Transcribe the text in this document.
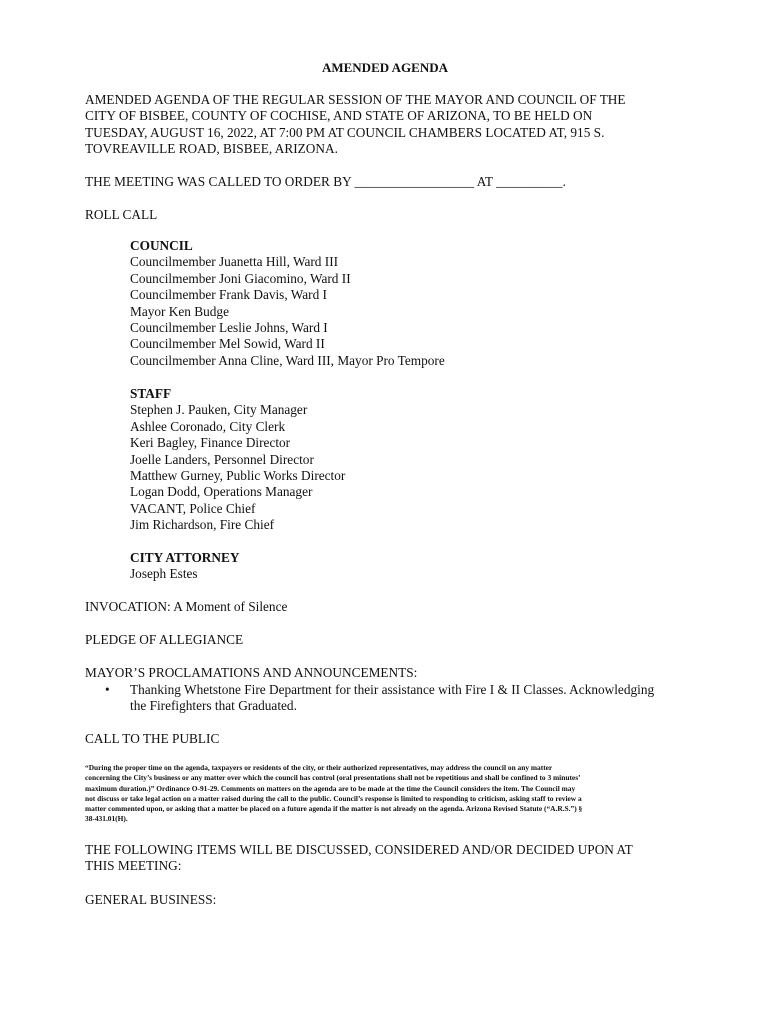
AMENDED AGENDA
AMENDED AGENDA OF THE REGULAR SESSION OF THE MAYOR AND COUNCIL OF THE
CITY OF BISBEE, COUNTY OF COCHISE, AND STATE OF ARIZONA, TO BE HELD ON
TUESDAY, AUGUST 16, 2022, AT 7:00 PM AT COUNCIL CHAMBERS LOCATED AT, 915 S.
TOVREAVILLE ROAD, BISBEE, ARIZONA.
THE MEETING WAS CALLED TO ORDER BY __________________ AT __________.
ROLL CALL
COUNCIL
Councilmember Juanetta Hill, Ward III
Councilmember Joni Giacomino, Ward II
Councilmember Frank Davis, Ward I
Mayor Ken Budge
Councilmember Leslie Johns, Ward I
Councilmember Mel Sowid, Ward II
Councilmember Anna Cline, Ward III, Mayor Pro Tempore
STAFF
Stephen J. Pauken, City Manager
Ashlee Coronado, City Clerk
Keri Bagley, Finance Director
Joelle Landers, Personnel Director
Matthew Gurney, Public Works Director
Logan Dodd, Operations Manager
VACANT, Police Chief
Jim Richardson, Fire Chief
CITY ATTORNEY
Joseph Estes
INVOCATION: A Moment of Silence
PLEDGE OF ALLEGIANCE
MAYOR’S PROCLAMATIONS AND ANNOUNCEMENTS:
• Thanking Whetstone Fire Department for their assistance with Fire I & II Classes. Acknowledging
the Firefighters that Graduated.
CALL TO THE PUBLIC
“During the proper time on the agenda, taxpayers or residents of the city, or their authorized representatives, may address the council on any matter
concerning the City’s business or any matter over which the council has control (oral presentations shall not be repetitious and shall be confined to 3 minutes’
maximum duration.)” Ordinance O-91-29. Comments on matters on the agenda are to be made at the time the Council considers the item. The Council may
not discuss or take legal action on a matter raised during the call to the public. Council’s response is limited to responding to criticism, asking staff to review a
matter commented upon, or asking that a matter be placed on a future agenda if the matter is not already on the agenda. Arizona Revised Statute (“A.R.S.”) §
38-431.01(H).
THE FOLLOWING ITEMS WILL BE DISCUSSED, CONSIDERED AND/OR DECIDED UPON AT
THIS MEETING:
GENERAL BUSINESS:
